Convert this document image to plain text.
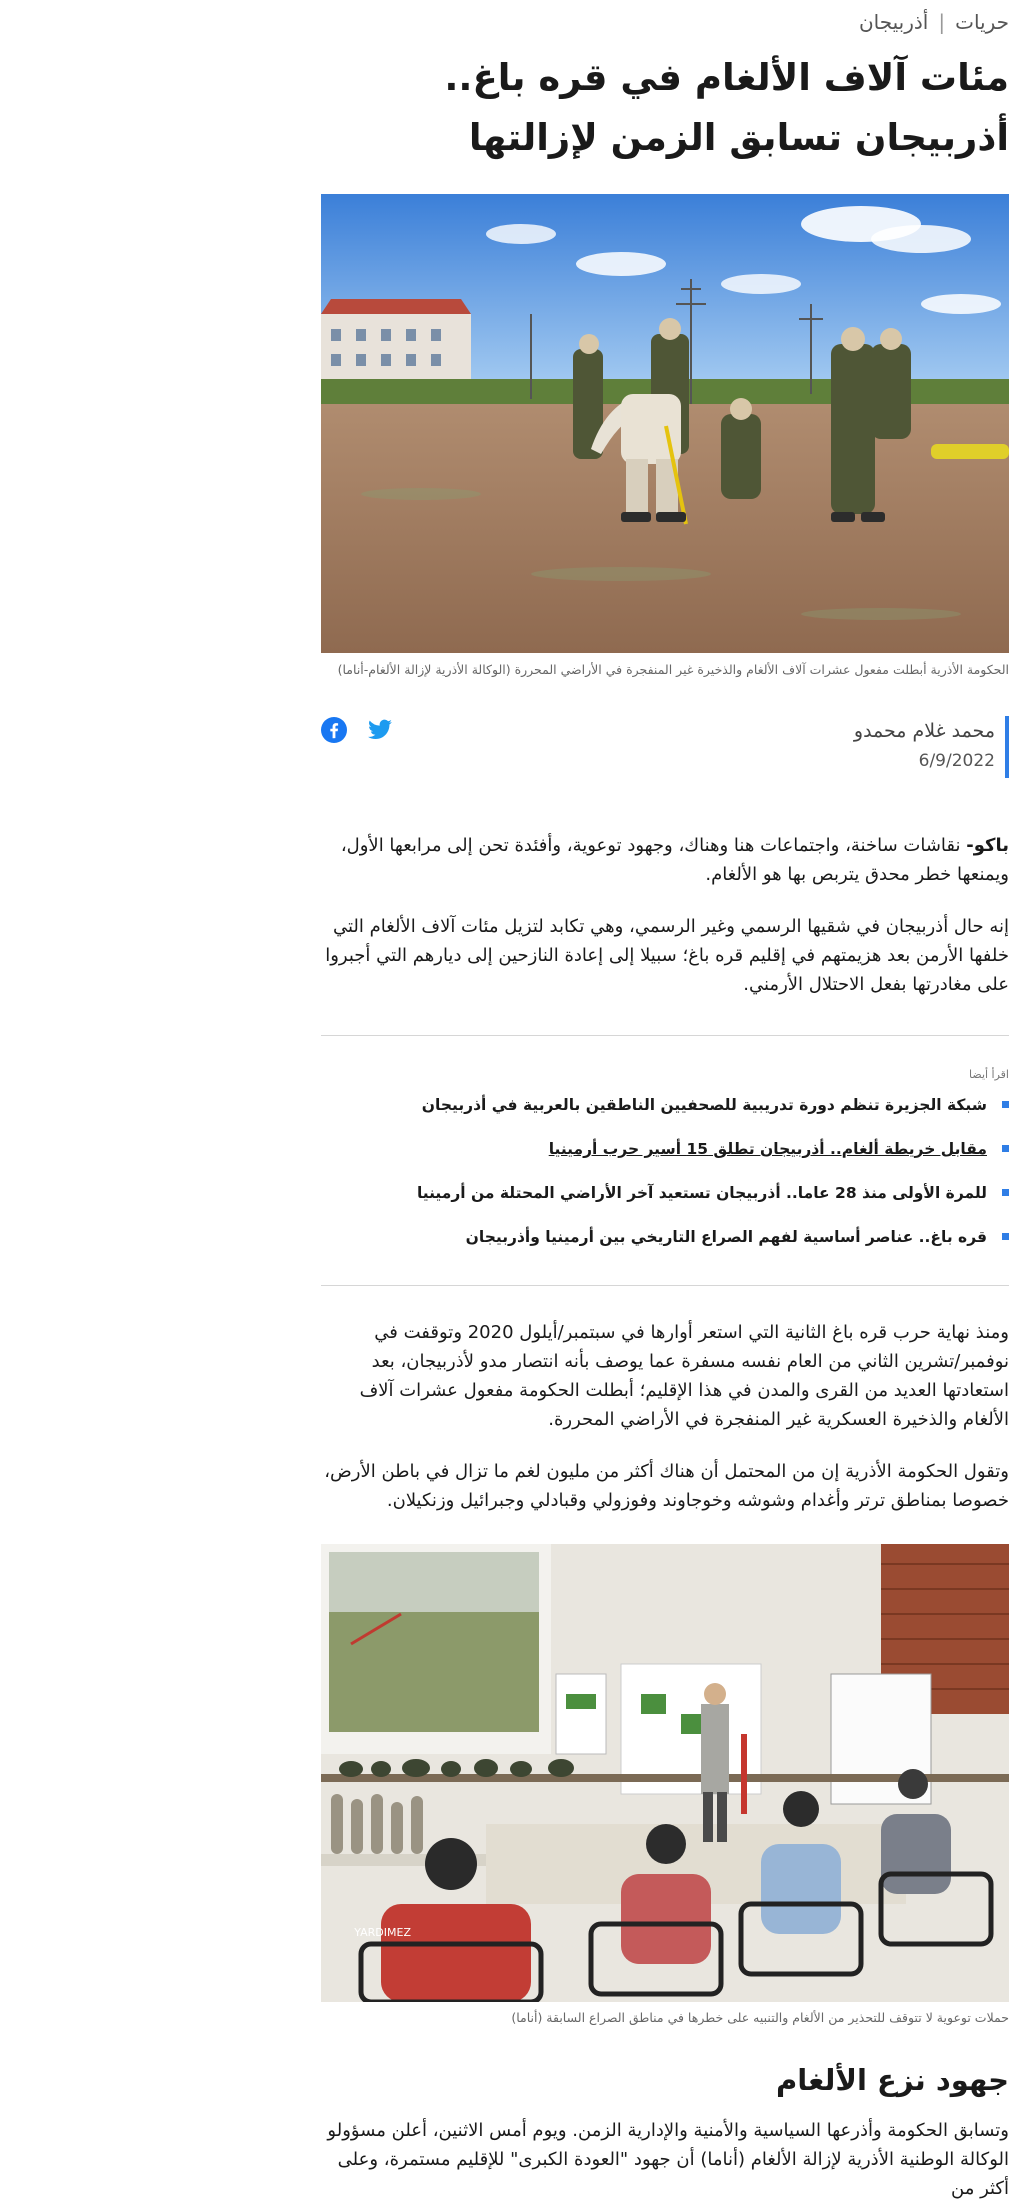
حريات
|
أذربيجان
مئات آلاف الألغام في قره باغ.. أذربيجان تسابق الزمن لإزالتها
الحكومة الأذرية أبطلت مفعول عشرات آلاف الألغام والذخيرة غير المنفجرة في الأراضي المحررة (الوكالة الأذرية لإزالة الألغام-أناما)
محمد غلام محمدو
6/9/2022

باكو- نقاشات ساخنة، واجتماعات هنا وهناك، وجهود توعوية، وأفئدة تحن إلى مرابعها الأول، ويمنعها خطر محدق يتربص بها هو الألغام.

إنه حال أذربيجان في شقيها الرسمي وغير الرسمي، وهي تكابد لتزيل مئات آلاف الألغام التي خلفها الأرمن بعد هزيمتهم في إقليم قره باغ؛ سبيلا إلى إعادة النازحين إلى ديارهم التي أجبروا على مغادرتها بفعل الاحتلال الأرمني.

اقرأ أيضا
شبكة الجزيرة تنظم دورة تدريبية للصحفيين الناطقين بالعربية في أذربيجان
مقابل خريطة ألغام.. أذربيجان تطلق 15 أسير حرب أرمينيا
للمرة الأولى منذ 28 عاما.. أذربيجان تستعيد آخر الأراضي المحتلة من أرمينيا
قره باغ.. عناصر أساسية لفهم الصراع التاريخي بين أرمينيا وأذربيجان

ومنذ نهاية حرب قره باغ الثانية التي استعر أوارها في سبتمبر/أيلول 2020 وتوقفت في نوفمبر/تشرين الثاني من العام نفسه مسفرة عما يوصف بأنه انتصار مدو لأذربيجان، بعد استعادتها العديد من القرى والمدن في هذا الإقليم؛ أبطلت الحكومة مفعول عشرات آلاف الألغام والذخيرة العسكرية غير المنفجرة في الأراضي المحررة.

وتقول الحكومة الأذرية إن من المحتمل أن هناك أكثر من مليون لغم ما تزال في باطن الأرض، خصوصا بمناطق ترتر وأغدام وشوشه وخوجاوند وفوزولي وقبادلي وجبرائيل وزنكيلان.

YARDIMEZ
حملات توعوية لا تتوقف للتحذير من الألغام والتنبيه على خطرها في مناطق الصراع السابقة (أناما)
جهود نزع الألغام

وتسابق الحكومة وأذرعها السياسية والأمنية والإدارية الزمن. ويوم أمس الاثنين، أعلن مسؤولو الوكالة الوطنية الأذرية لإزالة الألغام (أناما) أن جهود "العودة الكبرى" للإقليم مستمرة، وعلى أكثر من
